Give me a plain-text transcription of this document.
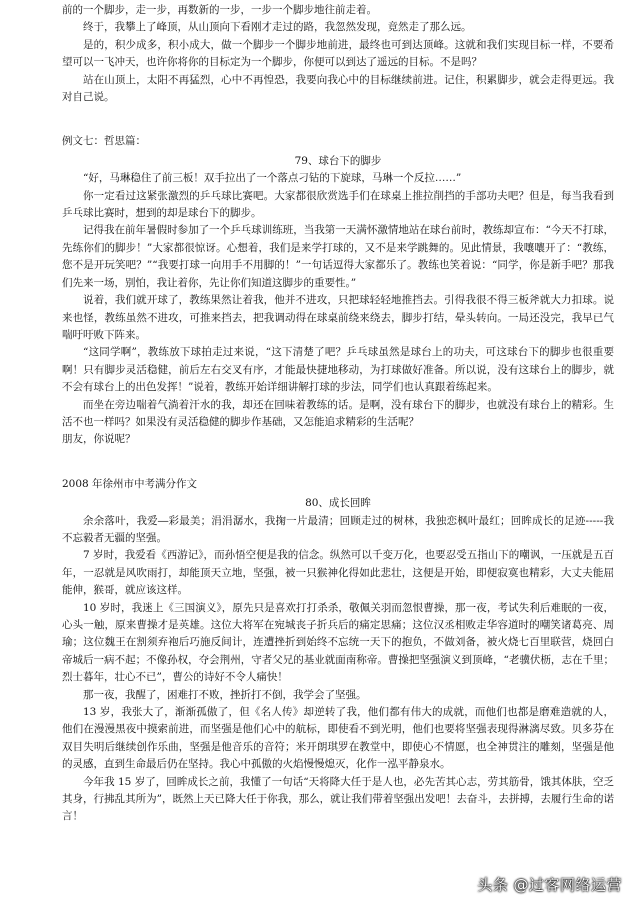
前的一个脚步，走一步，再数新的一步，一步一个脚步地往前走着。

终于，我攀上了峰顶，从山顶向下看刚才走过的路，我忽然发现，竟然走了那么远。

是的，积少成多，积小成大，做一个脚步一个脚步地前进，最终也可到达顶峰。这就和我们实现目标一样，不要希望可以一飞冲天，也许你将你的目标定为一个脚步，你便可以到达了遥远的目标。不是吗？

站在山顶上，太阳不再猛烈，心中不再惶恐，我要向我心中的目标继续前进。记住，积累脚步，就会走得更远。我对自己说。

例文七：哲思篇：

79、球台下的脚步

“好，马琳稳住了前三板！双手拉出了一个落点刁钻的下旋球，马琳一个反拉……”

你一定看过这紧张激烈的乒乓球比赛吧。大家都很欣赏选手们在球桌上推拉削挡的手部功夫吧？但是，每当我看到乒乓球比赛时，想到的却是球台下的脚步。

记得我在前年暑假时参加了一个乒乓球训练班，当我第一天满怀激情地站在球台前时，教练却宣布：“今天不打球，先练你们的脚步！”大家都很惊讶。心想着，我们是来学打球的，又不是来学跳舞的。见此情景，我嚷嚷开了：“教练，您不是开玩笑吧？”“我要打球一向用手不用脚的！”一句话逗得大家都乐了。教练也笑着说：“同学，你是新手吧？那我们先来一场，别怕，我让着你，先让你们知道这脚步的重要性。”

说着，我们就开球了，教练果然让着我，他并不进攻，只把球轻轻地推挡去。引得我很不得三板斧就大力扣球。说来也怪，教练虽然不进攻，可推来挡去，把我调动得在球桌前绕来绕去，脚步打结，晕头转向。一局还没完，我早已气喘吁吁败下阵来。

“这同学啊”，教练放下球拍走过来说，“这下清楚了吧？乒乓球虽然是球台上的功夫，可这球台下的脚步也很重要啊！只有脚步灵活稳健，前后左右交叉有序，才能最快捷地移动，为打球做好准备。所以说，没有这球台上的脚步，就不会有球台上的出色发挥！”说着，教练开始详细讲解打球的步法，同学们也认真跟着练起来。

而坐在旁边喘着气淌着汗水的我，却还在回味着教练的话。是啊，没有球台下的脚步，也就没有球台上的精彩。生活不也一样吗？如果没有灵活稳健的脚步作基础，又怎能追求精彩的生活呢？

朋友，你说呢？

2008 年徐州市中考满分作文

80、成长回眸

余余落叶，我爱―彩最美；涓涓潺水，我掬一片最清；回顾走过的树林，我独恋枫叶最红；回眸成长的足迹-----我不忘毅者无疆的坚强。

7 岁时，我爱看《西游记》，而孙悟空便是我的信念。纵然可以千变万化，也要忍受五指山下的嘲讽，一压就是五百年，一忍就是风吹雨打，却能顶天立地，坚强，被一只猴神化得如此悲壮，这便是开始，即便寂寞也精彩，大丈夫能屈能伸，猴哥，就应该这样。

10 岁时，我迷上《三国演义》，原先只是喜欢打打杀杀，敬佩关羽而忽恨曹操，那一夜，考试失利后难眠的一夜，心头一触，原来曹操才是英雄。这位大将军在宛城丧子折兵后的痛定思痛；这位汉丞相败走华容道时的嘲笑诸葛亮、周瑜；这位魏王在割须弃袍后巧施反间计，连遭挫折到始终不忘统一天下的抱负，不做刘备，被火烧七百里联营，烧回白帝城后一病不起；不像孙权，夺会荆州，守者父兄的基业就面南称帝。曹操把坚强演义到顶峰，“老骥伏枥，志在千里；烈士暮年，壮心不已”，曹公的诗好不令人痛快！

那一夜，我醒了，困难打不败，挫折打不倒，我学会了坚强。

13 岁，我张大了，渐渐孤傲了，但《名人传》却逆转了我，他们都有伟大的成就，而他们也都是磨难造就的人，他们在漫漫黑夜中摸索前进，而坚强是他们心中的航标，即使看不到光明，他们也要将坚强表现得淋漓尽致。贝多芬在双目失明后继续创作乐曲，坚强是他音乐的音符；米开朗琪罗在教堂中，即使心不情愿，也全神贯注的雕刻，坚强是他的灵感，直到生命最后仍在坚持。我心中孤傲的火焰慢慢熄灭，化作一泓平静泉水。

今年我 15 岁了，回眸成长之前，我懂了一句话“天将降大任于是人也，必先苦其心志，劳其筋骨，饿其体肤，空乏其身，行拂乱其所为”，既然上天已降大任于你我，那么，就让我们带着坚强出发吧！去奋斗，去拼搏，去履行生命的诺言！

头条 @过客网络运营
